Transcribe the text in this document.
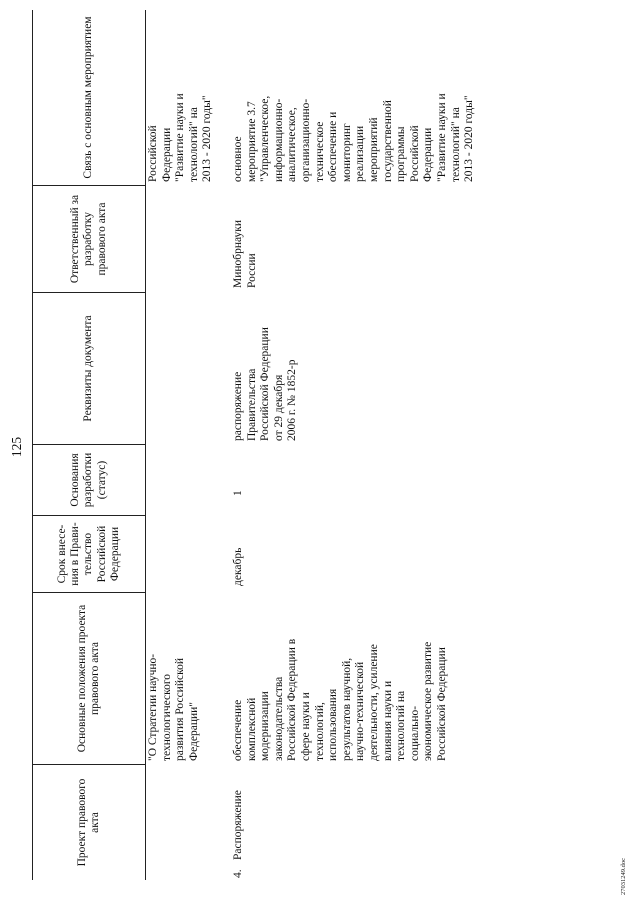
125
Проект правового акта
Основные положения проекта правового акта
Срок внесе-ния в Прави-тельство Российской Федерации
Основания разработки (статус)
Реквизиты документа
Ответственный за разработку правового акта
Связь с основным мероприятием
"О Стратегии научно-
технологического
развития Российской
Федерации"
Российской
Федерации
"Развитие науки и
технологий" на
2013 - 2020 годы"
4.
Распоряжение
обеспечение
комплексной
модернизации
законодательства
Российской Федерации в
сфере науки и
технологий,
использования
результатов научной,
научно-технической
деятельности, усиление
влияния науки и
технологий на
социально-
экономическое развитие
Российской Федерации
декабрь
1
распоряжение
Правительства
Российской Федерации
от 29 декабря
2006 г. № 1852-р
Минобрнауки
России
основное
мероприятие 3.7
"Управленческое,
информационно-
аналитическое,
организационно-
техническое
обеспечение и
мониторинг
реализации
мероприятий
государственной
программы
Российской
Федерации
"Развитие науки и
технологий" на
2013 - 2020 годы"
27031249.doc
